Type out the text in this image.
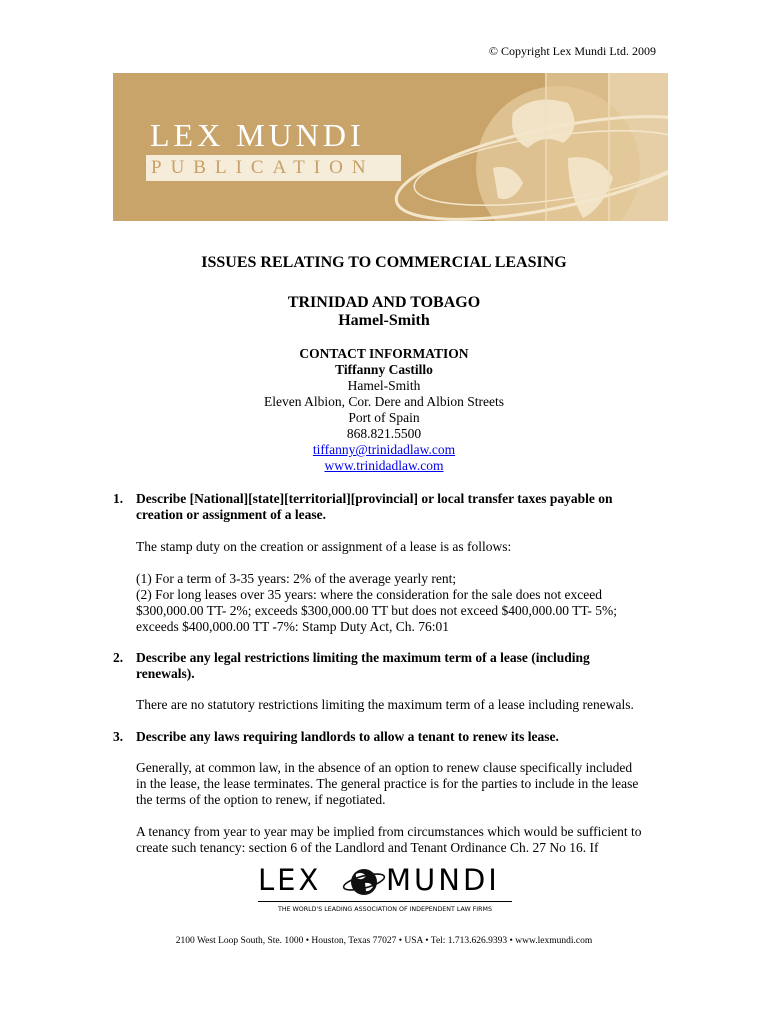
© Copyright Lex Mundi Ltd. 2009
LEX MUNDI
PUBLICATION
ISSUES RELATING TO COMMERCIAL LEASING
TRINIDAD AND TOBAGO
Hamel-Smith
CONTACT INFORMATION
Tiffanny Castillo
Hamel-Smith
Eleven Albion, Cor. Dere and Albion Streets
Port of Spain
868.821.5500
tiffanny@trinidadlaw.com
www.trinidadlaw.com
1. Describe [National][state][territorial][provincial] or local transfer taxes payable on
creation or assignment of a lease.
The stamp duty on the creation or assignment of a lease is as follows:
(1) For a term of 3-35 years: 2% of the average yearly rent;
(2) For long leases over 35 years: where the consideration for the sale does not exceed
$300,000.00 TT- 2%; exceeds $300,000.00 TT but does not exceed $400,000.00 TT- 5%;
exceeds $400,000.00 TT -7%: Stamp Duty Act, Ch. 76:01
2. Describe any legal restrictions limiting the maximum term of a lease (including
renewals).
There are no statutory restrictions limiting the maximum term of a lease including renewals.
3. Describe any laws requiring landlords to allow a tenant to renew its lease.
Generally, at common law, in the absence of an option to renew clause specifically included
in the lease, the lease terminates. The general practice is for the parties to include in the lease
the terms of the option to renew, if negotiated.
A tenancy from year to year may be implied from circumstances which would be sufficient to
create such tenancy: section 6 of the Landlord and Tenant Ordinance Ch. 27 No 16. If
LEX MUNDI
THE WORLD'S LEADING ASSOCIATION OF INDEPENDENT LAW FIRMS
2100 West Loop South, Ste. 1000 • Houston, Texas 77027 • USA • Tel: 1.713.626.9393 • www.lexmundi.com
